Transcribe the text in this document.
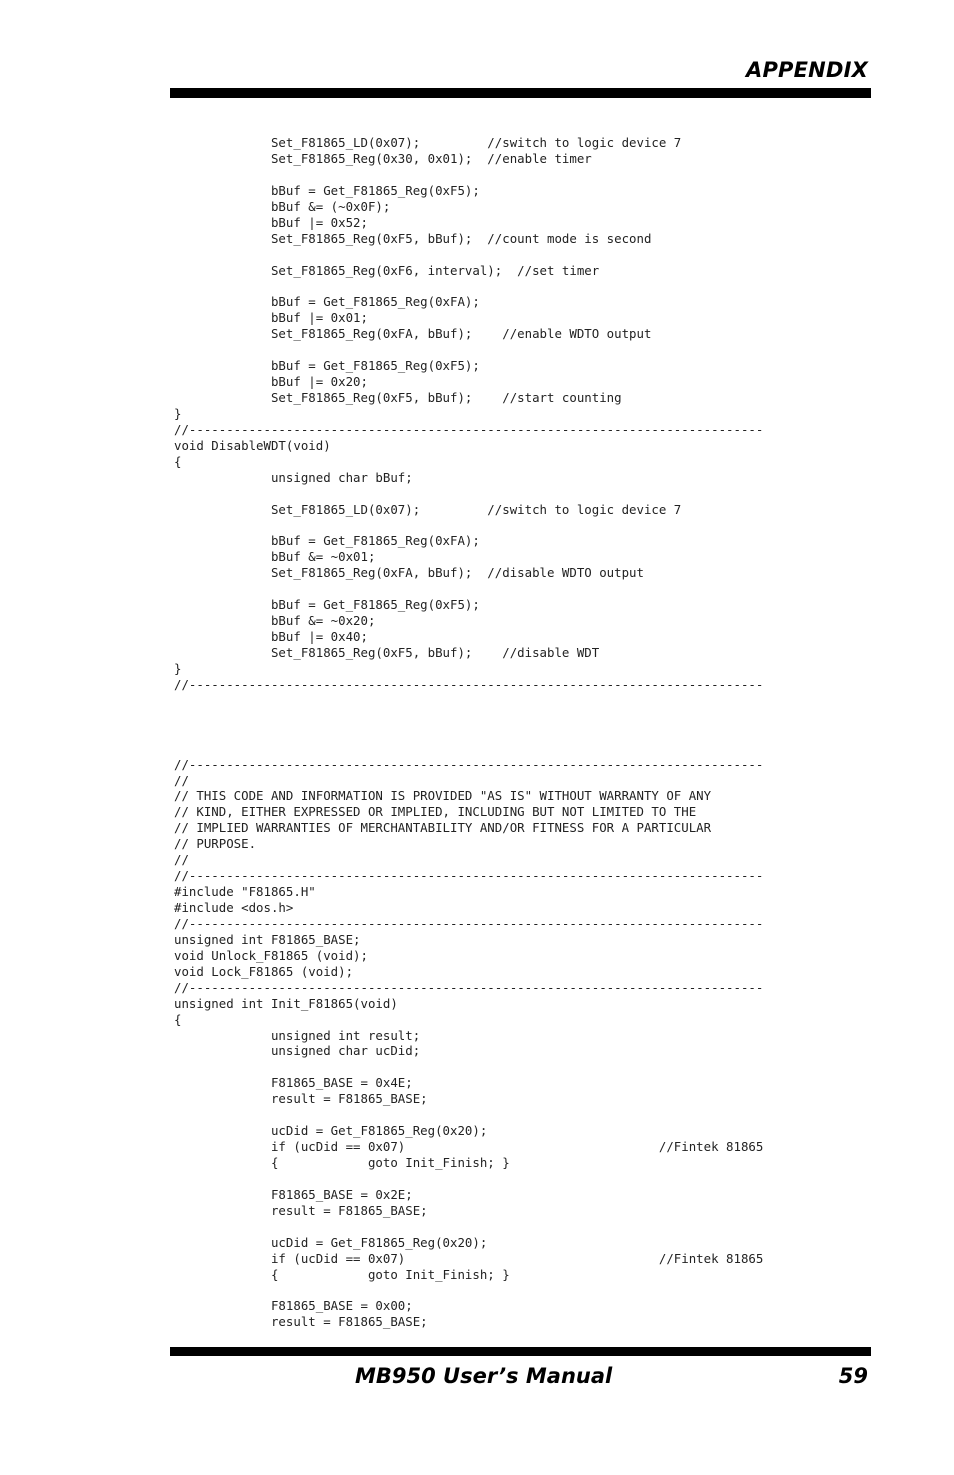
APPENDIX
Set_F81865_LD(0x07);         //switch to logic device 7
Set_F81865_Reg(0x30, 0x01);  //enable timer
bBuf = Get_F81865_Reg(0xF5);
bBuf &= (~0x0F);
bBuf |= 0x52;
Set_F81865_Reg(0xF5, bBuf);  //count mode is second
Set_F81865_Reg(0xF6, interval);  //set timer
bBuf = Get_F81865_Reg(0xFA);
bBuf |= 0x01;
Set_F81865_Reg(0xFA, bBuf);    //enable WDTO output
bBuf = Get_F81865_Reg(0xF5);
bBuf |= 0x20;
Set_F81865_Reg(0xF5, bBuf);    //start counting
}
//-----------------------------------------------------------------------------
void DisableWDT(void)
{
unsigned char bBuf;
Set_F81865_LD(0x07);         //switch to logic device 7
bBuf = Get_F81865_Reg(0xFA);
bBuf &= ~0x01;
Set_F81865_Reg(0xFA, bBuf);  //disable WDTO output
bBuf = Get_F81865_Reg(0xF5);
bBuf &= ~0x20;
bBuf |= 0x40;
Set_F81865_Reg(0xF5, bBuf);    //disable WDT
}
//-----------------------------------------------------------------------------
//-----------------------------------------------------------------------------
//
// THIS CODE AND INFORMATION IS PROVIDED "AS IS" WITHOUT WARRANTY OF ANY
// KIND, EITHER EXPRESSED OR IMPLIED, INCLUDING BUT NOT LIMITED TO THE
// IMPLIED WARRANTIES OF MERCHANTABILITY AND/OR FITNESS FOR A PARTICULAR
// PURPOSE.
//
//-----------------------------------------------------------------------------
#include "F81865.H"
#include <dos.h>
//-----------------------------------------------------------------------------
unsigned int F81865_BASE;
void Unlock_F81865 (void);
void Lock_F81865 (void);
//-----------------------------------------------------------------------------
unsigned int Init_F81865(void)
{
unsigned int result;
unsigned char ucDid;
F81865_BASE = 0x4E;
result = F81865_BASE;
ucDid = Get_F81865_Reg(0x20);
if (ucDid == 0x07)                                  //Fintek 81865
{            goto Init_Finish; }
F81865_BASE = 0x2E;
result = F81865_BASE;
ucDid = Get_F81865_Reg(0x20);
if (ucDid == 0x07)                                  //Fintek 81865
{            goto Init_Finish; }
F81865_BASE = 0x00;
result = F81865_BASE;
MB950 User’s Manual	59
